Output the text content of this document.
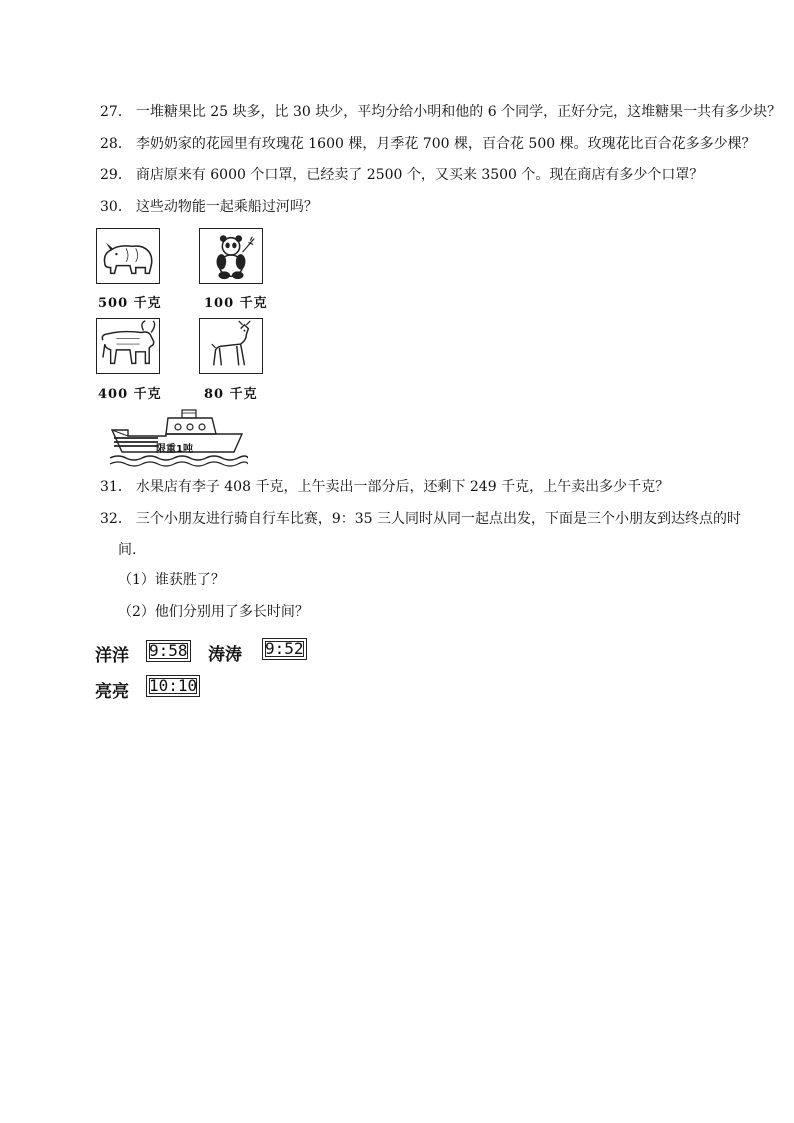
27． 一堆糖果比 25 块多，比 30 块少，平均分给小明和他的 6 个同学，正好分完，这堆糖果一共有多少块？
28． 李奶奶家的花园里有玫瑰花 1600 棵，月季花 700 棵，百合花 500 棵。玫瑰花比百合花多多少棵？
29． 商店原来有 6000 个口罩，已经卖了 2500 个，又买来 3500 个。现在商店有多少个口罩？
30． 这些动物能一起乘船过河吗？
500 千克	100 千克
400 千克	80 千克
限重1吨
31． 水果店有李子 408 千克，上午卖出一部分后，还剩下 249 千克，上午卖出多少千克？
32． 三个小朋友进行骑自行车比赛，9：35 三人同时从同一起点出发，下面是三个小朋友到达终点的时
间.
（1）谁获胜了？
（2）他们分别用了多长时间？
洋洋 9:58 涛涛 9:52
亮亮 10:10
